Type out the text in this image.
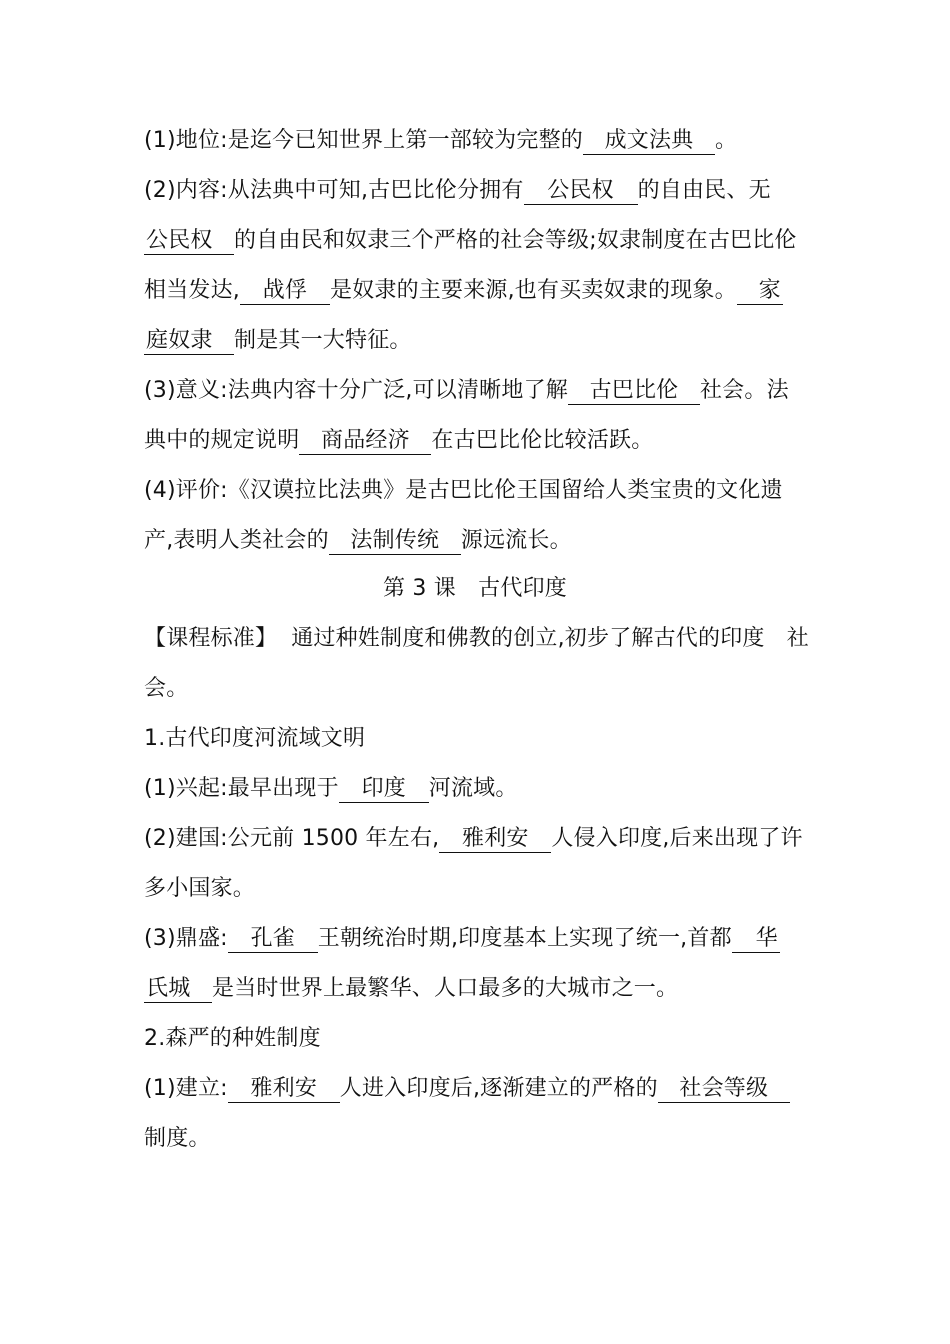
(1)地位:是迄今已知世界上第一部较为完整的 成文法典 。
(2)内容:从法典中可知,古巴比伦分拥有 公民权 的自由民、无
公民权 的自由民和奴隶三个严格的社会等级;奴隶制度在古巴比伦
相当发达, 战俘 是奴隶的主要来源,也有买卖奴隶的现象。 家
庭奴隶 制是其一大特征。
(3)意义:法典内容十分广泛,可以清晰地了解 古巴比伦 社会。法
典中的规定说明 商品经济 在古巴比伦比较活跃。
(4)评价:《汉谟拉比法典》是古巴比伦王国留给人类宝贵的文化遗
产,表明人类社会的 法制传统 源远流长。
第 3 课　古代印度
【课程标准】 通过种姓制度和佛教的创立,初步了解古代的印度　社
会。
1.古代印度河流域文明
(1)兴起:最早出现于 印度 河流域。
(2)建国:公元前 1500 年左右, 雅利安 人侵入印度,后来出现了许
多小国家。
(3)鼎盛: 孔雀 王朝统治时期,印度基本上实现了统一,首都 华
氏城 是当时世界上最繁华、人口最多的大城市之一。
2.森严的种姓制度
(1)建立: 雅利安 人进入印度后,逐渐建立的严格的 社会等级
制度。
